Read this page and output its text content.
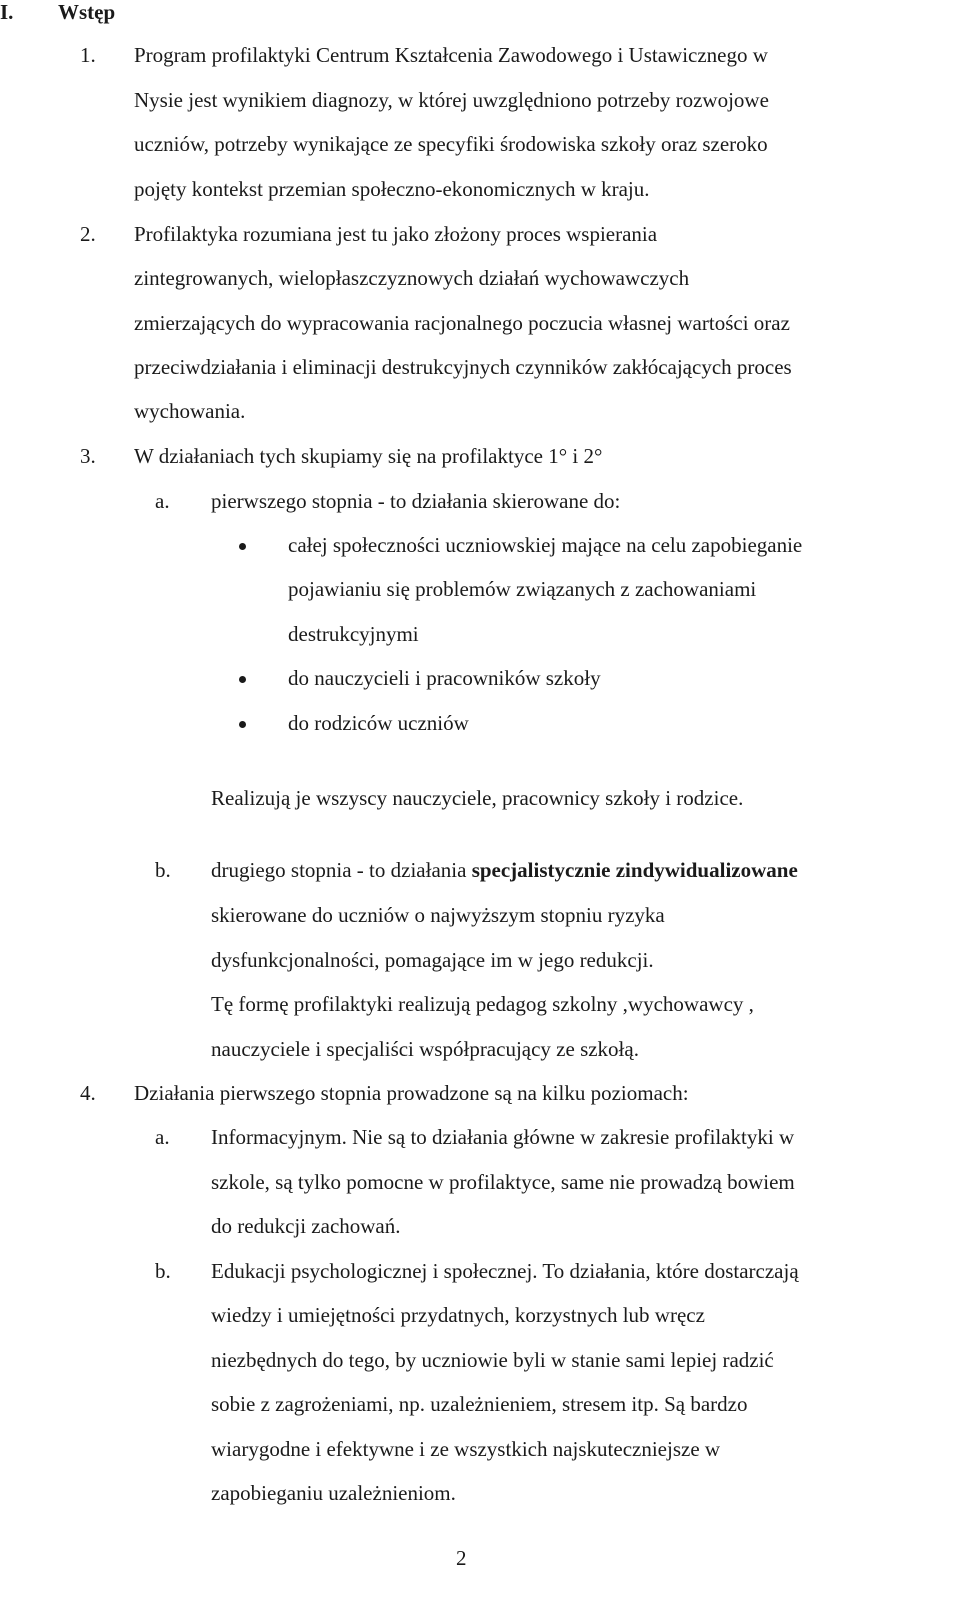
I. Wstęp
1. Program profilaktyki Centrum Kształcenia Zawodowego i Ustawicznego w
Nysie jest wynikiem diagnozy, w której uwzględniono potrzeby rozwojowe
uczniów, potrzeby wynikające ze specyfiki środowiska szkoły oraz szeroko
pojęty kontekst przemian społeczno-ekonomicznych w kraju.
2. Profilaktyka rozumiana jest tu jako złożony proces wspierania
zintegrowanych, wielopłaszczyznowych działań wychowawczych
zmierzających do wypracowania racjonalnego poczucia własnej wartości oraz
przeciwdziałania i eliminacji destrukcyjnych czynników zakłócających proces
wychowania.
3. W działaniach tych skupiamy się na profilaktyce 1° i 2°
a. pierwszego stopnia - to działania skierowane do:
całej społeczności uczniowskiej mające na celu zapobieganie
pojawianiu się problemów związanych z zachowaniami
destrukcyjnymi
do nauczycieli i pracowników szkoły
do rodziców uczniów
Realizują je wszyscy nauczyciele, pracownicy szkoły i rodzice.
b. drugiego stopnia - to działania specjalistycznie zindywidualizowane
skierowane do uczniów o najwyższym stopniu ryzyka
dysfunkcjonalności, pomagające im w jego redukcji.
Tę formę profilaktyki realizują pedagog szkolny ,wychowawcy ,
nauczyciele i specjaliści współpracujący ze szkołą.
4. Działania pierwszego stopnia prowadzone są na kilku poziomach:
a. Informacyjnym. Nie są to działania główne w zakresie profilaktyki w
szkole, są tylko pomocne w profilaktyce, same nie prowadzą bowiem
do redukcji zachowań.
b. Edukacji psychologicznej i społecznej. To działania, które dostarczają
wiedzy i umiejętności przydatnych, korzystnych lub wręcz
niezbędnych do tego, by uczniowie byli w stanie sami lepiej radzić
sobie z zagrożeniami, np. uzależnieniem, stresem itp. Są bardzo
wiarygodne i efektywne i ze wszystkich najskuteczniejsze w
zapobieganiu uzależnieniom.
2
